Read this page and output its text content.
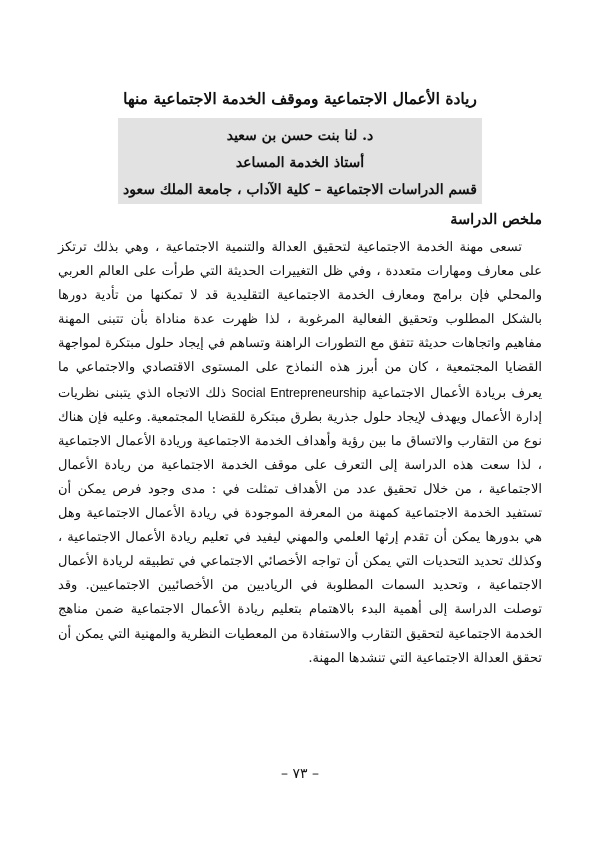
ريادة الأعمال الاجتماعية وموقف الخدمة الاجتماعية منها

د. لنا بنت حسن بن سعيد

أستاذ الخدمة المساعد

قسم الدراسات الاجتماعية – كلية الآداب ، جامعة الملك سعود

ملخص الدراسة

تسعى مهنة الخدمة الاجتماعية لتحقيق العدالة والتنمية الاجتماعية ، وهي بذلك ترتكز على معارف ومهارات متعددة ، وفي ظل التغييرات الحديثة التي طرأت على العالم العربي والمحلي فإن برامج ومعارف الخدمة الاجتماعية التقليدية قد لا تمكنها من تأدية دورها بالشكل المطلوب وتحقيق الفعالية المرغوبة ، لذا ظهرت عدة مناداة بأن تتبنى المهنة مفاهيم واتجاهات حديثة تتفق مع التطورات الراهنة وتساهم في إيجاد حلول مبتكرة لمواجهة القضايا المجتمعية ، كان من أبرز هذه النماذج على المستوى الاقتصادي والاجتماعي ما يعرف بريادة الأعمال الاجتماعية Social Entrepreneurship ذلك الاتجاه الذي يتبنى نظريات إدارة الأعمال ويهدف لإيجاد حلول جذرية بطرق مبتكرة للقضايا المجتمعية. وعليه فإن هناك نوع من التقارب والاتساق ما بين رؤية وأهداف الخدمة الاجتماعية وريادة الأعمال الاجتماعية ، لذا سعت هذه الدراسة إلى التعرف على موقف الخدمة الاجتماعية من ريادة الأعمال الاجتماعية ، من خلال تحقيق عدد من الأهداف تمثلت في : مدى وجود فرص يمكن أن تستفيد الخدمة الاجتماعية كمهنة من المعرفة الموجودة في ريادة الأعمال الاجتماعية وهل هي بدورها يمكن أن تقدم إرثها العلمي والمهني ليفيد في تعليم ريادة الأعمال الاجتماعية ، وكذلك تحديد التحديات التي يمكن أن تواجه الأخصائي الاجتماعي في تطبيقه لريادة الأعمال الاجتماعية ، وتحديد السمات المطلوبة في الرياديين من الأخصائيين الاجتماعيين. وقد توصلت الدراسة إلى أهمية البدء بالاهتمام بتعليم ريادة الأعمال الاجتماعية ضمن مناهج الخدمة الاجتماعية لتحقيق التقارب والاستفادة من المعطيات النظرية والمهنية التي يمكن أن تحقق العدالة الاجتماعية التي تنشدها المهنة.

– ٧٣ –
